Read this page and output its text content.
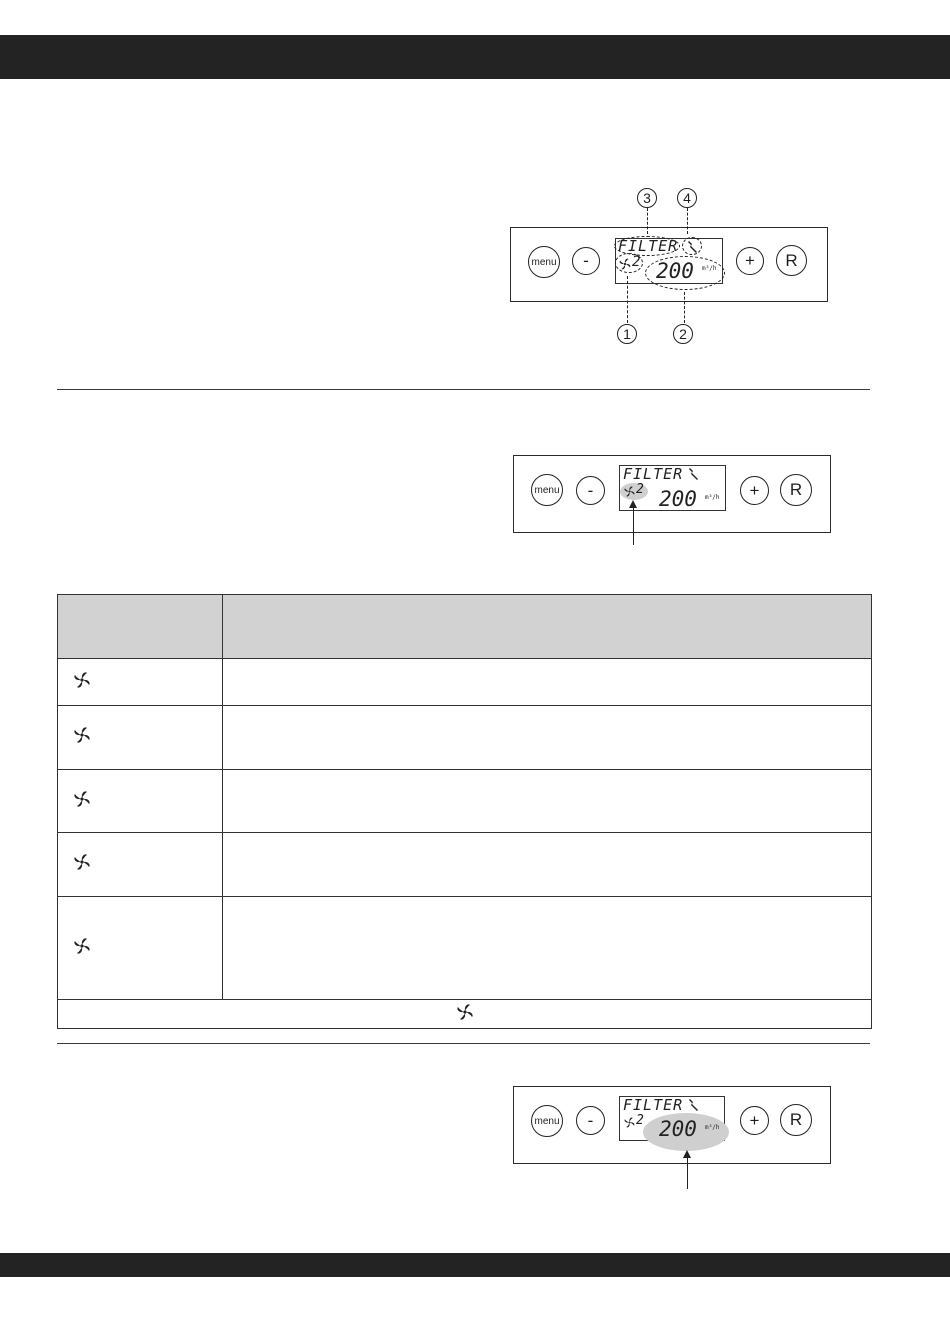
menu	-
FILTER
2 200 m³/h	+	R
3	4
1	2
menu	-
FILTER
2 200 m³/h	+	R

menu	-
FILTER
2 200 m³/h	+	R
